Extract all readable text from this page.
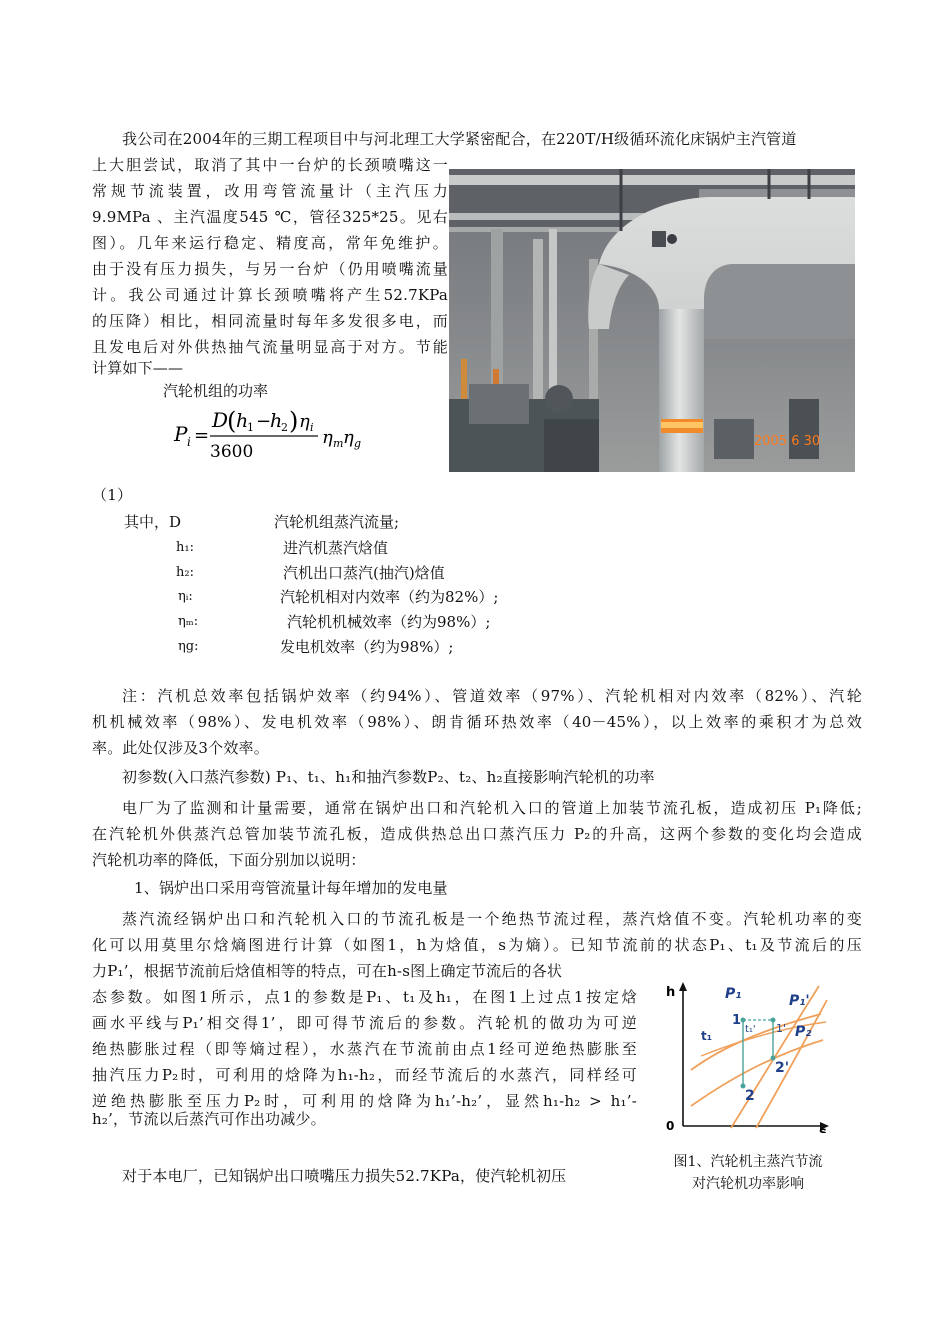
我公司在2004年的三期工程项目中与河北理工大学紧密配合，在220T/H级循环流化床锅炉主汽管道
上大胆尝试，取消了其中一台炉的长颈喷嘴这一
常规节流装置，改用弯管流量计（主汽压力
9.9MPa 、主汽温度545 ℃，管径325*25。见右
图）。几年来运行稳定、精度高，常年免维护。
由于没有压力损失，与另一台炉（仍用喷嘴流量
计。我公司通过计算长颈喷嘴将产生52.7KPa
的压降）相比，相同流量时每年多发很多电，而
且发电后对外供热抽气流量明显高于对方。节能
计算如下——
2005 6 30
汽轮机组的功率
P i =
D
( h
1 −
h
2 ) η i
3600
η m η g
（1）
其中，D	汽轮机组蒸汽流量;
h₁:	进汽机蒸汽焓值
h₂:	汽机出口蒸汽(抽汽)焓值
ηᵢ:	汽轮机相对内效率（约为82%）;
ηₘ:	汽轮机机械效率（约为98%）;
ηg:	发电机效率（约为98%）;
注：汽机总效率包括锅炉效率（约94%）、管道效率（97%）、汽轮机相对内效率（82%）、汽轮
机机械效率（98%）、发电机效率（98%）、朗肯循环热效率（40－45%），以上效率的乘积才为总效
率。此处仅涉及3个效率。
初参数(入口蒸汽参数) P₁、t₁、h₁和抽汽参数P₂、t₂、h₂直接影响汽轮机的功率
电厂为了监测和计量需要，通常在锅炉出口和汽轮机入口的管道上加装节流孔板，造成初压 P₁降低;
在汽轮机外供蒸汽总管加装节流孔板，造成供热总出口蒸汽压力 P₂的升高，这两个参数的变化均会造成
汽轮机功率的降低，下面分别加以说明：
1、锅炉出口采用弯管流量计每年增加的发电量
蒸汽流经锅炉出口和汽轮机入口的节流孔板是一个绝热节流过程，蒸汽焓值不变。汽轮机功率的变
化可以用莫里尔焓熵图进行计算（如图1，h为焓值，s为熵）。已知节流前的状态P₁、t₁及节流后的压
力P₁’，根据节流前后焓值相等的特点，可在h-s图上确定节流后的各状
态参数。如图1所示，点1的参数是P₁、t₁及h₁，在图1上过点1按定焓
画水平线与P₁’相交得1’，即可得节流后的参数。汽轮机的做功为可逆
绝热膨胀过程（即等熵过程），水蒸汽在节流前由点1经可逆绝热膨胀至
抽汽压力P₂时，可利用的焓降为h₁-h₂，而经节流后的水蒸汽，同样经可
逆绝热膨胀至压力P₂时，可利用的焓降为h₁’-h₂’，显然h₁-h₂ > h₁’-
h₂’，节流以后蒸汽可作出功减少。
对于本电厂，已知锅炉出口喷嘴压力损失52.7KPa，使汽轮机初压
h
s
0
P₁	P₁'
P₂
t₁	t₁'
1
1'
2
2'
图1、汽轮机主蒸汽节流
对汽轮机功率影响
